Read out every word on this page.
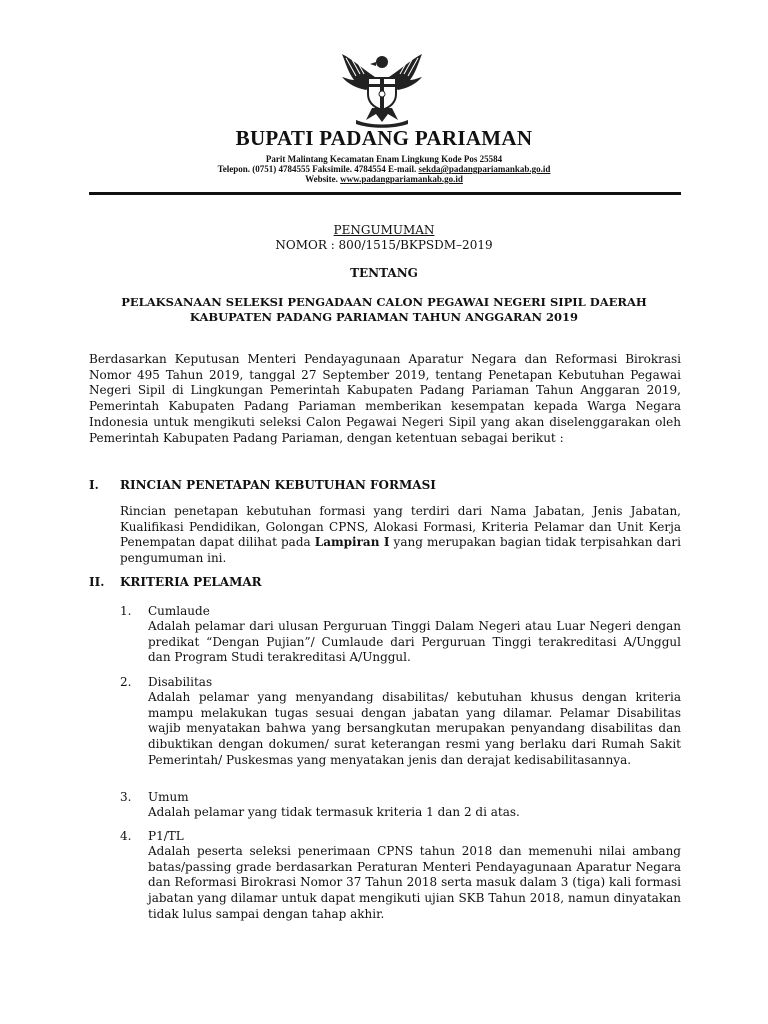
BUPATI PADANG PARIAMAN
Parit Malintang Kecamatan Enam Lingkung Kode Pos 25584
Telepon. (0751) 4784555 Faksimile. 4784554 E-mail. sekda@padangpariamankab.go.id
Website. www.padangpariamankab.go.id
PENGUMUMAN
NOMOR : 800/1515/BKPSDM–2019
TENTANG
PELAKSANAAN SELEKSI PENGADAAN CALON PEGAWAI NEGERI SIPIL DAERAH
KABUPATEN PADANG PARIAMAN TAHUN ANGGARAN 2019
Berdasarkan Keputusan Menteri Pendayagunaan Aparatur Negara dan Reformasi Birokrasi Nomor 495 Tahun 2019, tanggal 27 September 2019, tentang Penetapan Kebutuhan Pegawai Negeri Sipil di Lingkungan Pemerintah Kabupaten Padang Pariaman Tahun Anggaran 2019, Pemerintah Kabupaten Padang Pariaman memberikan kesempatan kepada Warga Negara Indonesia untuk mengikuti seleksi Calon Pegawai Negeri Sipil yang akan diselenggarakan oleh Pemerintah Kabupaten Padang Pariaman, dengan ketentuan sebagai berikut :
I. RINCIAN PENETAPAN KEBUTUHAN FORMASI
Rincian penetapan kebutuhan formasi yang terdiri dari Nama Jabatan, Jenis Jabatan, Kualifikasi Pendidikan, Golongan CPNS, Alokasi Formasi, Kriteria Pelamar dan Unit Kerja Penempatan dapat dilihat pada Lampiran I yang merupakan bagian tidak terpisahkan dari pengumuman ini.
II. KRITERIA PELAMAR
1. Cumlaude
Adalah pelamar dari ulusan Perguruan Tinggi Dalam Negeri atau Luar Negeri dengan predikat “Dengan Pujian”/ Cumlaude dari Perguruan Tinggi terakreditasi A/Unggul dan Program Studi terakreditasi A/Unggul.
2. Disabilitas
Adalah pelamar yang menyandang disabilitas/ kebutuhan khusus dengan kriteria mampu melakukan tugas sesuai dengan jabatan yang dilamar. Pelamar Disabilitas wajib menyatakan bahwa yang bersangkutan merupakan penyandang disabilitas dan dibuktikan dengan dokumen/ surat keterangan resmi yang berlaku dari Rumah Sakit Pemerintah/ Puskesmas yang menyatakan jenis dan derajat kedisabilitasannya.
3. Umum
Adalah pelamar yang tidak termasuk kriteria 1 dan 2 di atas.
4. P1/TL
Adalah peserta seleksi penerimaan CPNS tahun 2018 dan memenuhi nilai ambang batas/passing grade berdasarkan Peraturan Menteri Pendayagunaan Aparatur Negara dan Reformasi Birokrasi Nomor 37 Tahun 2018 serta masuk dalam 3 (tiga) kali formasi jabatan yang dilamar untuk dapat mengikuti ujian SKB Tahun 2018, namun dinyatakan tidak lulus sampai dengan tahap akhir.
